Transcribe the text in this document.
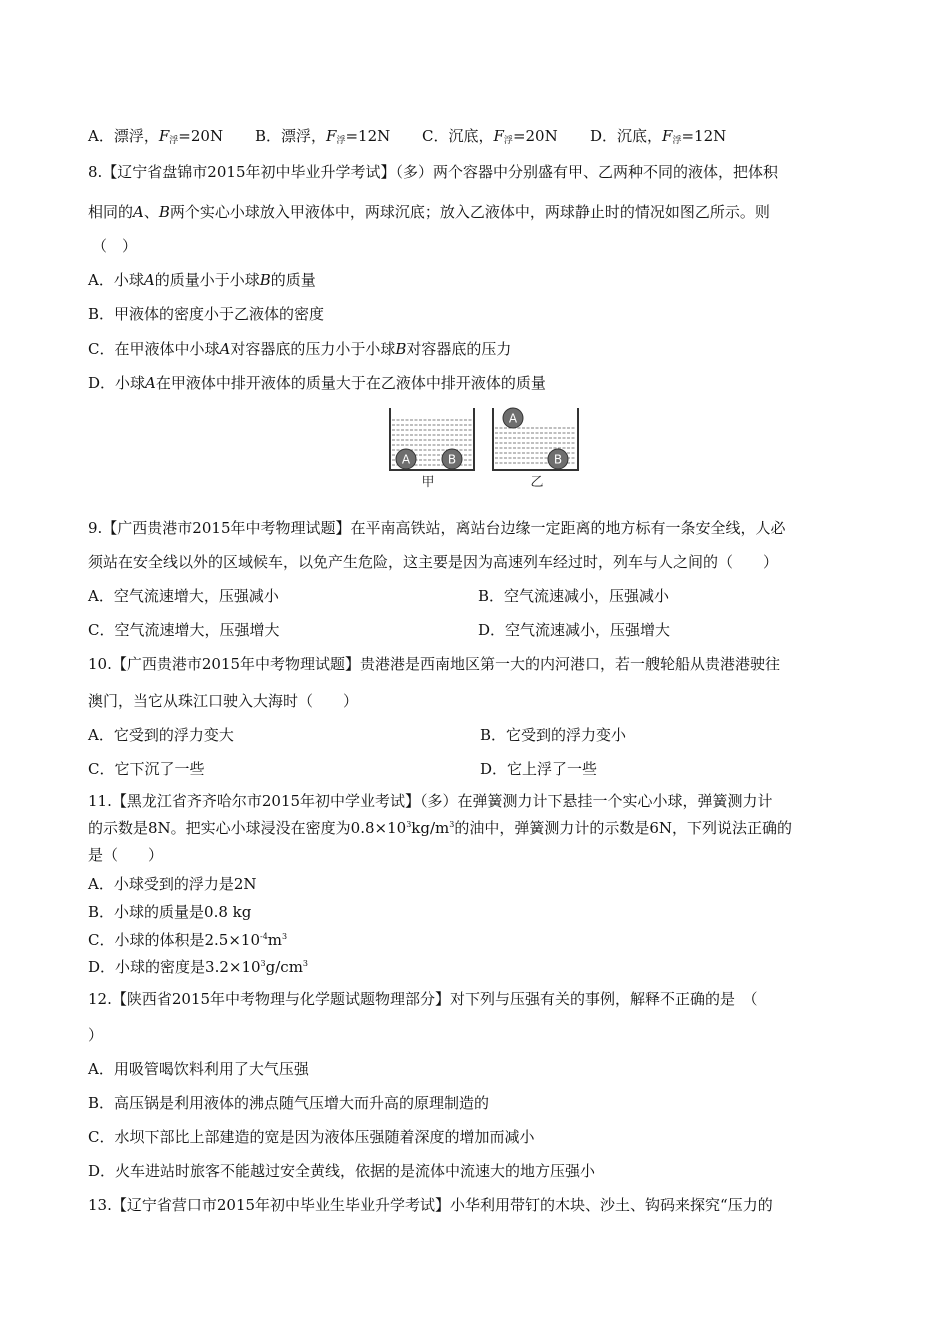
A．漂浮，$F_浮=20N$ B．漂浮，$F_浮=12N$ C．沉底，$F_浮=20N$ D．沉底，$F_浮=12N$
8.【辽宁省盘锦市2015年初中毕业升学考试】（多）两个容器中分别盛有甲、乙两种不同的液体，把体积
相同的A、B两个实心小球放入甲液体中，两球沉底；放入乙液体中，两球静止时的情况如图乙所示。则
（　）
A．小球A的质量小于小球B的质量
B．甲液体的密度小于乙液体的密度
C．在甲液体中小球A对容器底的压力小于小球B对容器底的压力
D．小球A在甲液体中排开液体的质量大于在乙液体中排开液体的质量
A	B
甲
A
B
乙
9.【广西贵港市2015年中考物理试题】在平南高铁站，离站台边缘一定距离的地方标有一条安全线，人必
须站在安全线以外的区域候车，以免产生危险，这主要是因为高速列车经过时，列车与人之间的（　　）
A．空气流速增大，压强减小	B．空气流速减小，压强减小
C．空气流速增大，压强增大	D．空气流速减小，压强增大
10.【广西贵港市2015年中考物理试题】贵港港是西南地区第一大的内河港口，若一艘轮船从贵港港驶往
澳门，当它从珠江口驶入大海时（　　）
A．它受到的浮力变大	B．它受到的浮力变小
C．它下沉了一些	D．它上浮了一些
11.【黑龙江省齐齐哈尔市2015年初中学业考试】（多）在弹簧测力计下悬挂一个实心小球，弹簧测力计
的示数是8N。把实心小球浸没在密度为$0.8\times 10^3kg/m^3$的油中，弹簧测力计的示数是6N，下列说法正确的
是（　　）
A．小球受到的浮力是2N
B．小球的质量是0.8 kg
C．小球的体积是$2.5\times 10^{-4}m^3$
D．小球的密度是$3.2\times 10^3g/cm^3$
12.【陕西省2015年中考物理与化学题试题物理部分】对下列与压强有关的事例，解释不正确的是　（
）
A．用吸管喝饮料利用了大气压强
B．高压锅是利用液体的沸点随气压增大而升高的原理制造的
C．水坝下部比上部建造的宽是因为液体压强随着深度的增加而减小
D．火车进站时旅客不能越过安全黄线，依据的是流体中流速大的地方压强小
13.【辽宁省营口市2015年初中毕业生毕业升学考试】小华利用带钉的木块、沙土、钩码来探究“压力的
